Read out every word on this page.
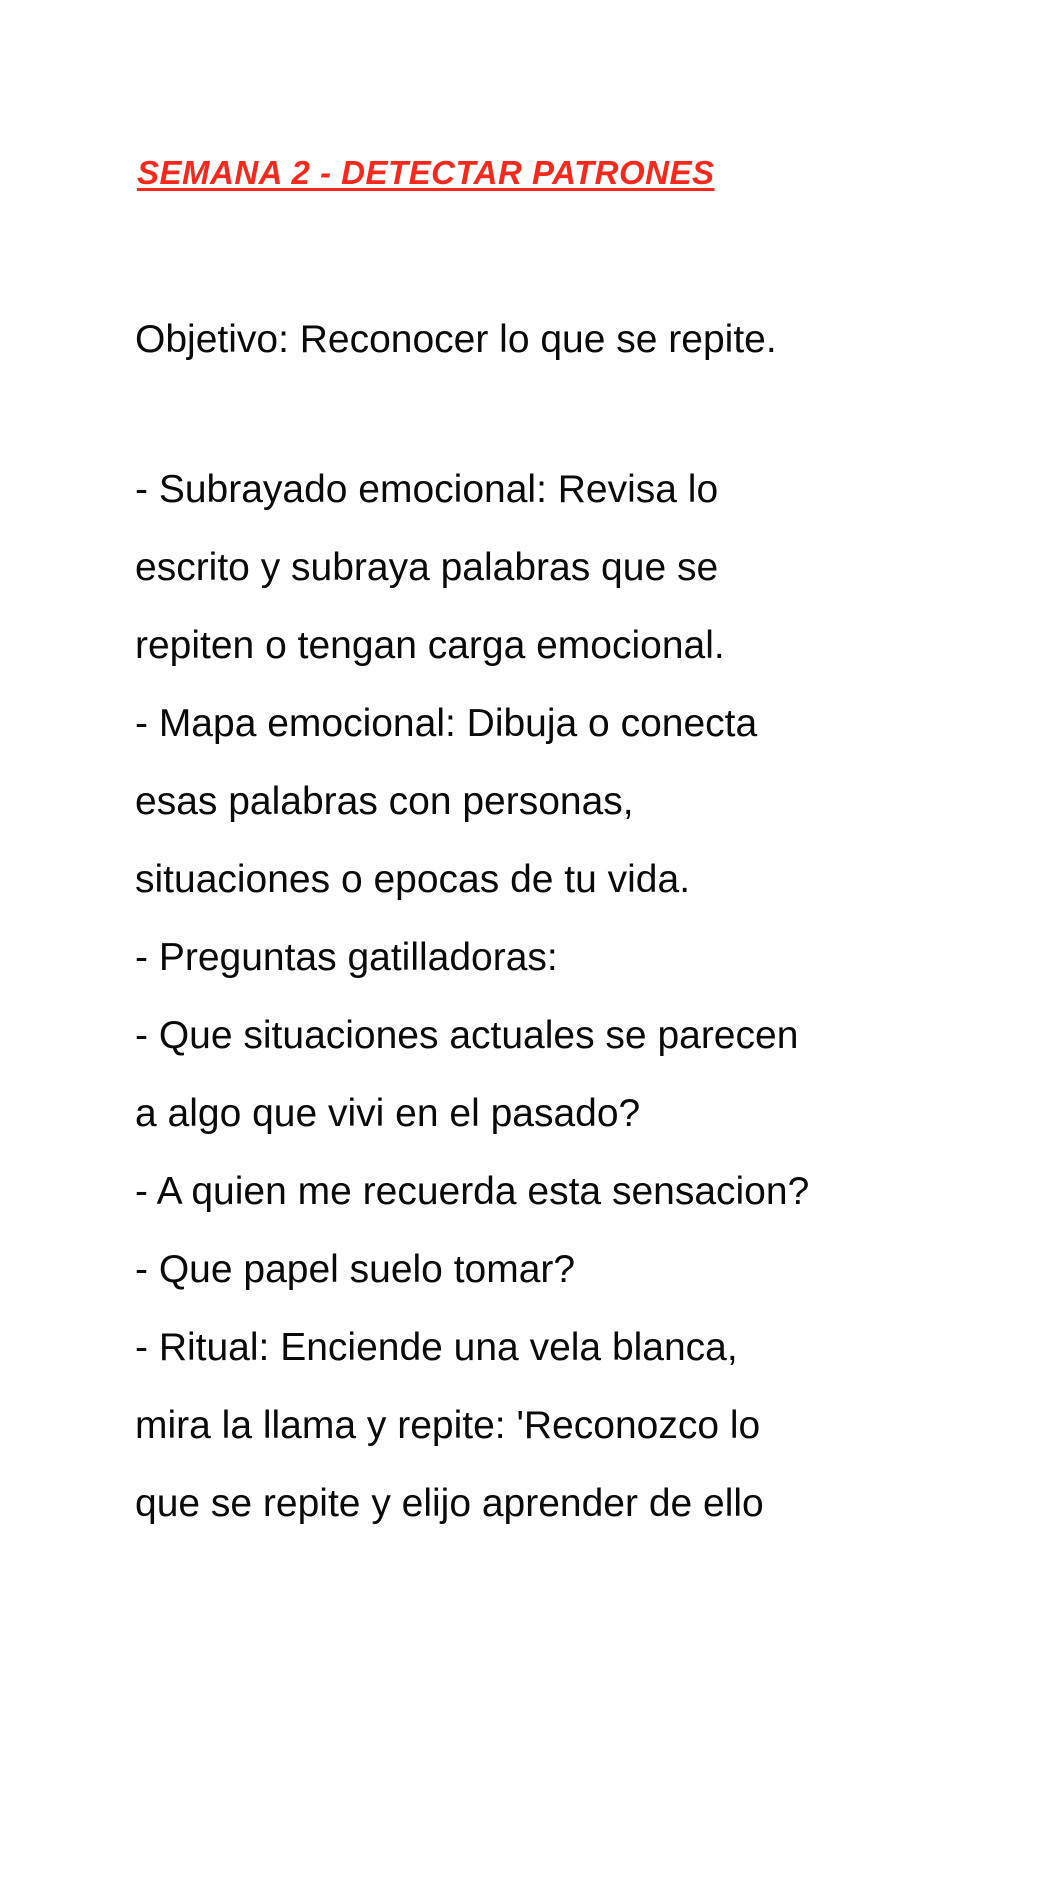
SEMANA 2 - DETECTAR PATRONES

Objetivo: Reconocer lo que se repite.

- Subrayado emocional: Revisa lo
escrito y subraya palabras que se
repiten o tengan carga emocional.
- Mapa emocional: Dibuja o conecta
esas palabras con personas,
situaciones o epocas de tu vida.
- Preguntas gatilladoras:
- Que situaciones actuales se parecen
a algo que vivi en el pasado?
- A quien me recuerda esta sensacion?
- Que papel suelo tomar?
- Ritual: Enciende una vela blanca,
mira la llama y repite: 'Reconozco lo
que se repite y elijo aprender de ello
